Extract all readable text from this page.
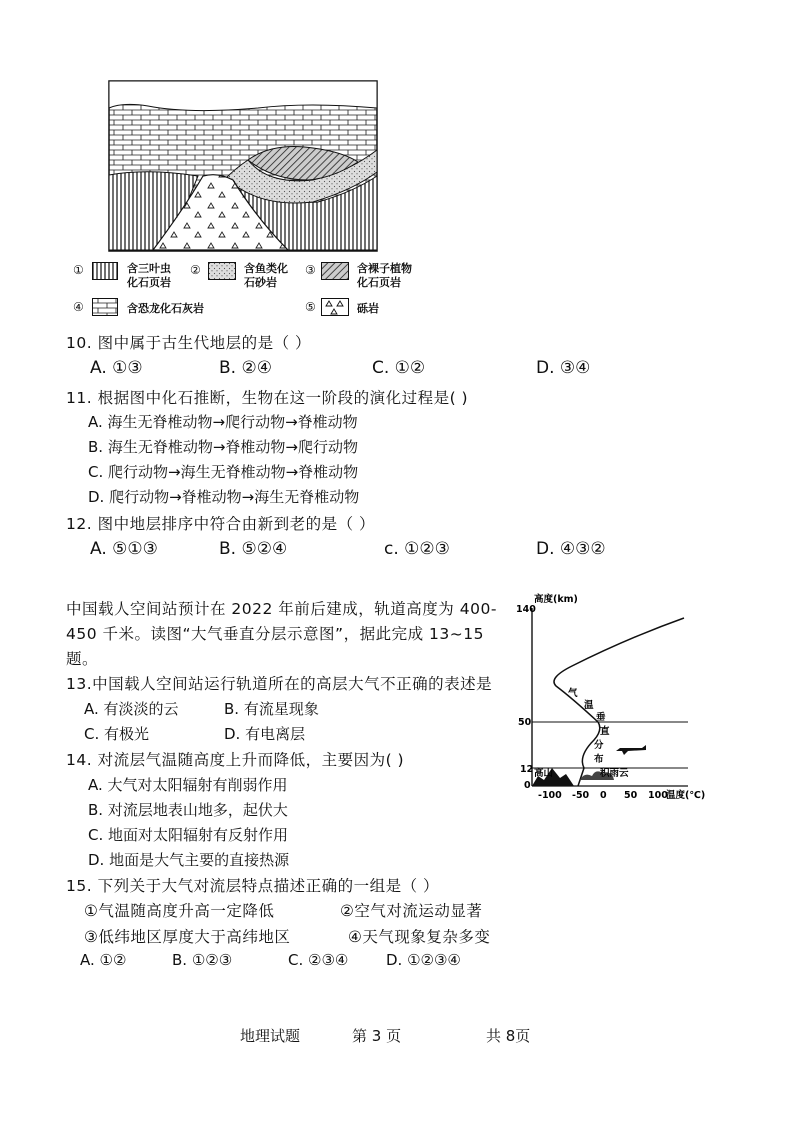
①	含三叶虫
化石页岩
②	含鱼类化
石砂岩
③	含裸子植物
化石页岩
④	含恐龙化石灰岩	⑤	砾岩
10. 图中属于古生代地层的是（ ）
A. ①③	B. ②④	C. ①②	D. ③④
11. 根据图中化石推断，生物在这一阶段的演化过程是( )
A. 海生无脊椎动物→爬行动物→脊椎动物
B. 海生无脊椎动物→脊椎动物→爬行动物
C. 爬行动物→海生无脊椎动物→脊椎动物
D. 爬行动物→脊椎动物→海生无脊椎动物
12. 图中地层排序中符合由新到老的是（ ）
A. ⑤①③	B. ⑤②④	c. ①②③	D. ④③②
中国载人空间站预计在 2022 年前后建成，轨道高度为 400-
450 千米。读图“大气垂直分层示意图”，据此完成 13~15
题。
13.中国载人空间站运行轨道所在的高层大气不正确的表述是
A. 有淡淡的云	B. 有流星现象
C. 有极光	D. 有电离层
14. 对流层气温随高度上升而降低，主要因为( )
A. 大气对太阳辐射有削弱作用
B. 对流层地表山地多，起伏大
C. 地面对太阳辐射有反射作用
D. 地面是大气主要的直接热源
15. 下列关于大气对流层特点描述正确的一组是（ ）
①气温随高度升高一定降低	②空气对流运动显著
③低纬地区厚度大于高纬地区	④天气现象复杂多变
A. ①②	B. ①②③	C. ②③④	D. ①②③④
140
50
12
0
高度(km)
-100 -50 0 50 100
温度(℃)
气
温
垂
直
分
布
高山	积雨云
地理试题	第 3 页	共 8页
